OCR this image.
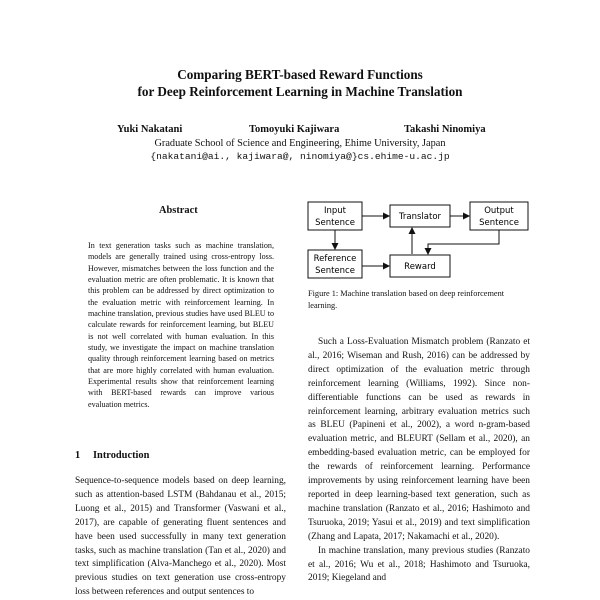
Comparing BERT-based Reward Functions
for Deep Reinforcement Learning in Machine Translation
Yuki Nakatani	Tomoyuki Kajiwara	Takashi Ninomiya
Graduate School of Science and Engineering, Ehime University, Japan
{nakatani@ai., kajiwara@, ninomiya@}cs.ehime-u.ac.jp
Abstract
In text generation tasks such as machine translation, models are generally trained using cross-entropy loss. However, mismatches between the loss function and the evaluation metric are often problematic. It is known that this problem can be addressed by direct optimization to the evaluation metric with reinforcement learning. In machine translation, previous studies have used BLEU to calculate rewards for reinforcement learning, but BLEU is not well correlated with human evaluation. In this study, we investigate the impact on machine translation quality through reinforcement learning based on metrics that are more highly correlated with human evaluation. Experimental results show that reinforcement learning with BERT-based rewards can improve various evaluation metrics.
1 Introduction

Sequence-to-sequence models based on deep learning, such as attention-based LSTM (Bahdanau et al., 2015; Luong et al., 2015) and Transformer (Vaswani et al., 2017), are capable of generating fluent sentences and have been used successfully in many text generation tasks, such as machine translation (Tan et al., 2020) and text simplification (Alva-Manchego et al., 2020). Most previous studies on text generation use cross-entropy loss between references and output sentences to

Input
Sentence
Translator
Output
Sentence
Reference
Sentence	Reward
Figure 1: Machine translation based on deep reinforcement learning.

Such a Loss-Evaluation Mismatch problem (Ranzato et al., 2016; Wiseman and Rush, 2016) can be addressed by direct optimization of the evaluation metric through reinforcement learning (Williams, 1992). Since non-differentiable functions can be used as rewards in reinforcement learning, arbitrary evaluation metrics such as BLEU (Papineni et al., 2002), a word n-gram-based evaluation metric, and BLEURT (Sellam et al., 2020), an embedding-based evaluation metric, can be employed for the rewards of reinforcement learning. Performance improvements by using reinforcement learning have been reported in deep learning-based text generation, such as machine translation (Ranzato et al., 2016; Hashimoto and Tsuruoka, 2019; Yasui et al., 2019) and text simplification (Zhang and Lapata, 2017; Nakamachi et al., 2020).

In machine translation, many previous studies (Ranzato et al., 2016; Wu et al., 2018; Hashimoto and Tsuruoka, 2019; Kiegeland and
